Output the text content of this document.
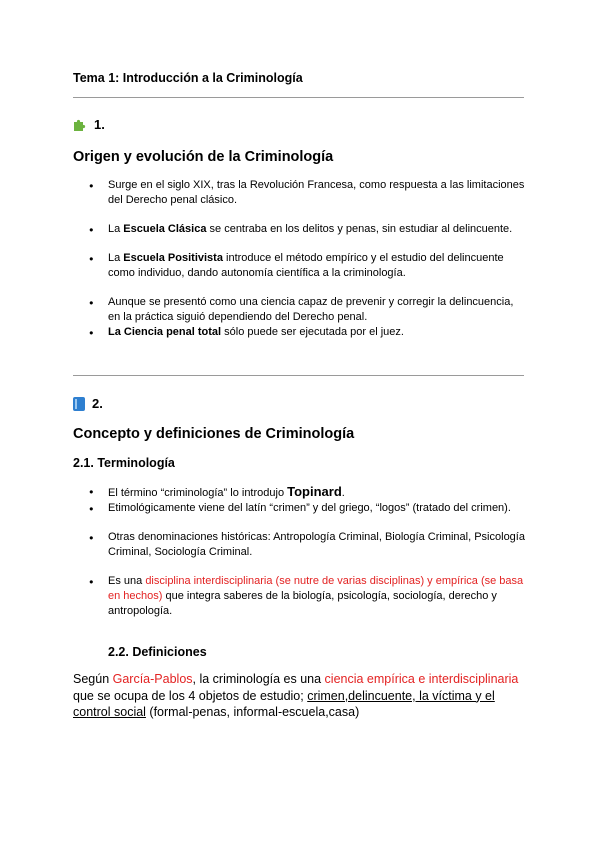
Tema 1: Introducción a la Criminología
1.
Origen y evolución de la Criminología
● Surge en el siglo XIX, tras la Revolución Francesa, como respuesta a las limitaciones del Derecho penal clásico.
● La Escuela Clásica se centraba en los delitos y penas, sin estudiar al delincuente.
● La Escuela Positivista introduce el método empírico y el estudio del delincuente como individuo, dando autonomía científica a la criminología.
● Aunque se presentó como una ciencia capaz de prevenir y corregir la delincuencia, en la práctica siguió dependiendo del Derecho penal.
● La Ciencia penal total sólo puede ser ejecutada por el juez.
2.
Concepto y definiciones de Criminología
2.1. Terminología
● El término “criminología” lo introdujo Topinard.
● Etimológicamente viene del latín “crimen” y del griego, “logos” (tratado del crimen).
● Otras denominaciones históricas: Antropología Criminal, Biología Criminal, Psicología Criminal, Sociología Criminal.
● Es una disciplina interdisciplinaria (se nutre de varias disciplinas) y empírica (se basa en hechos) que integra saberes de la biología, psicología, sociología, derecho y antropología.
2.2. Definiciones
Según García-Pablos, la criminología es una ciencia empírica e interdisciplinaria que se ocupa de los 4 objetos de estudio; crimen,delincuente, la víctima y el control social (formal-penas, informal-escuela,casa)
